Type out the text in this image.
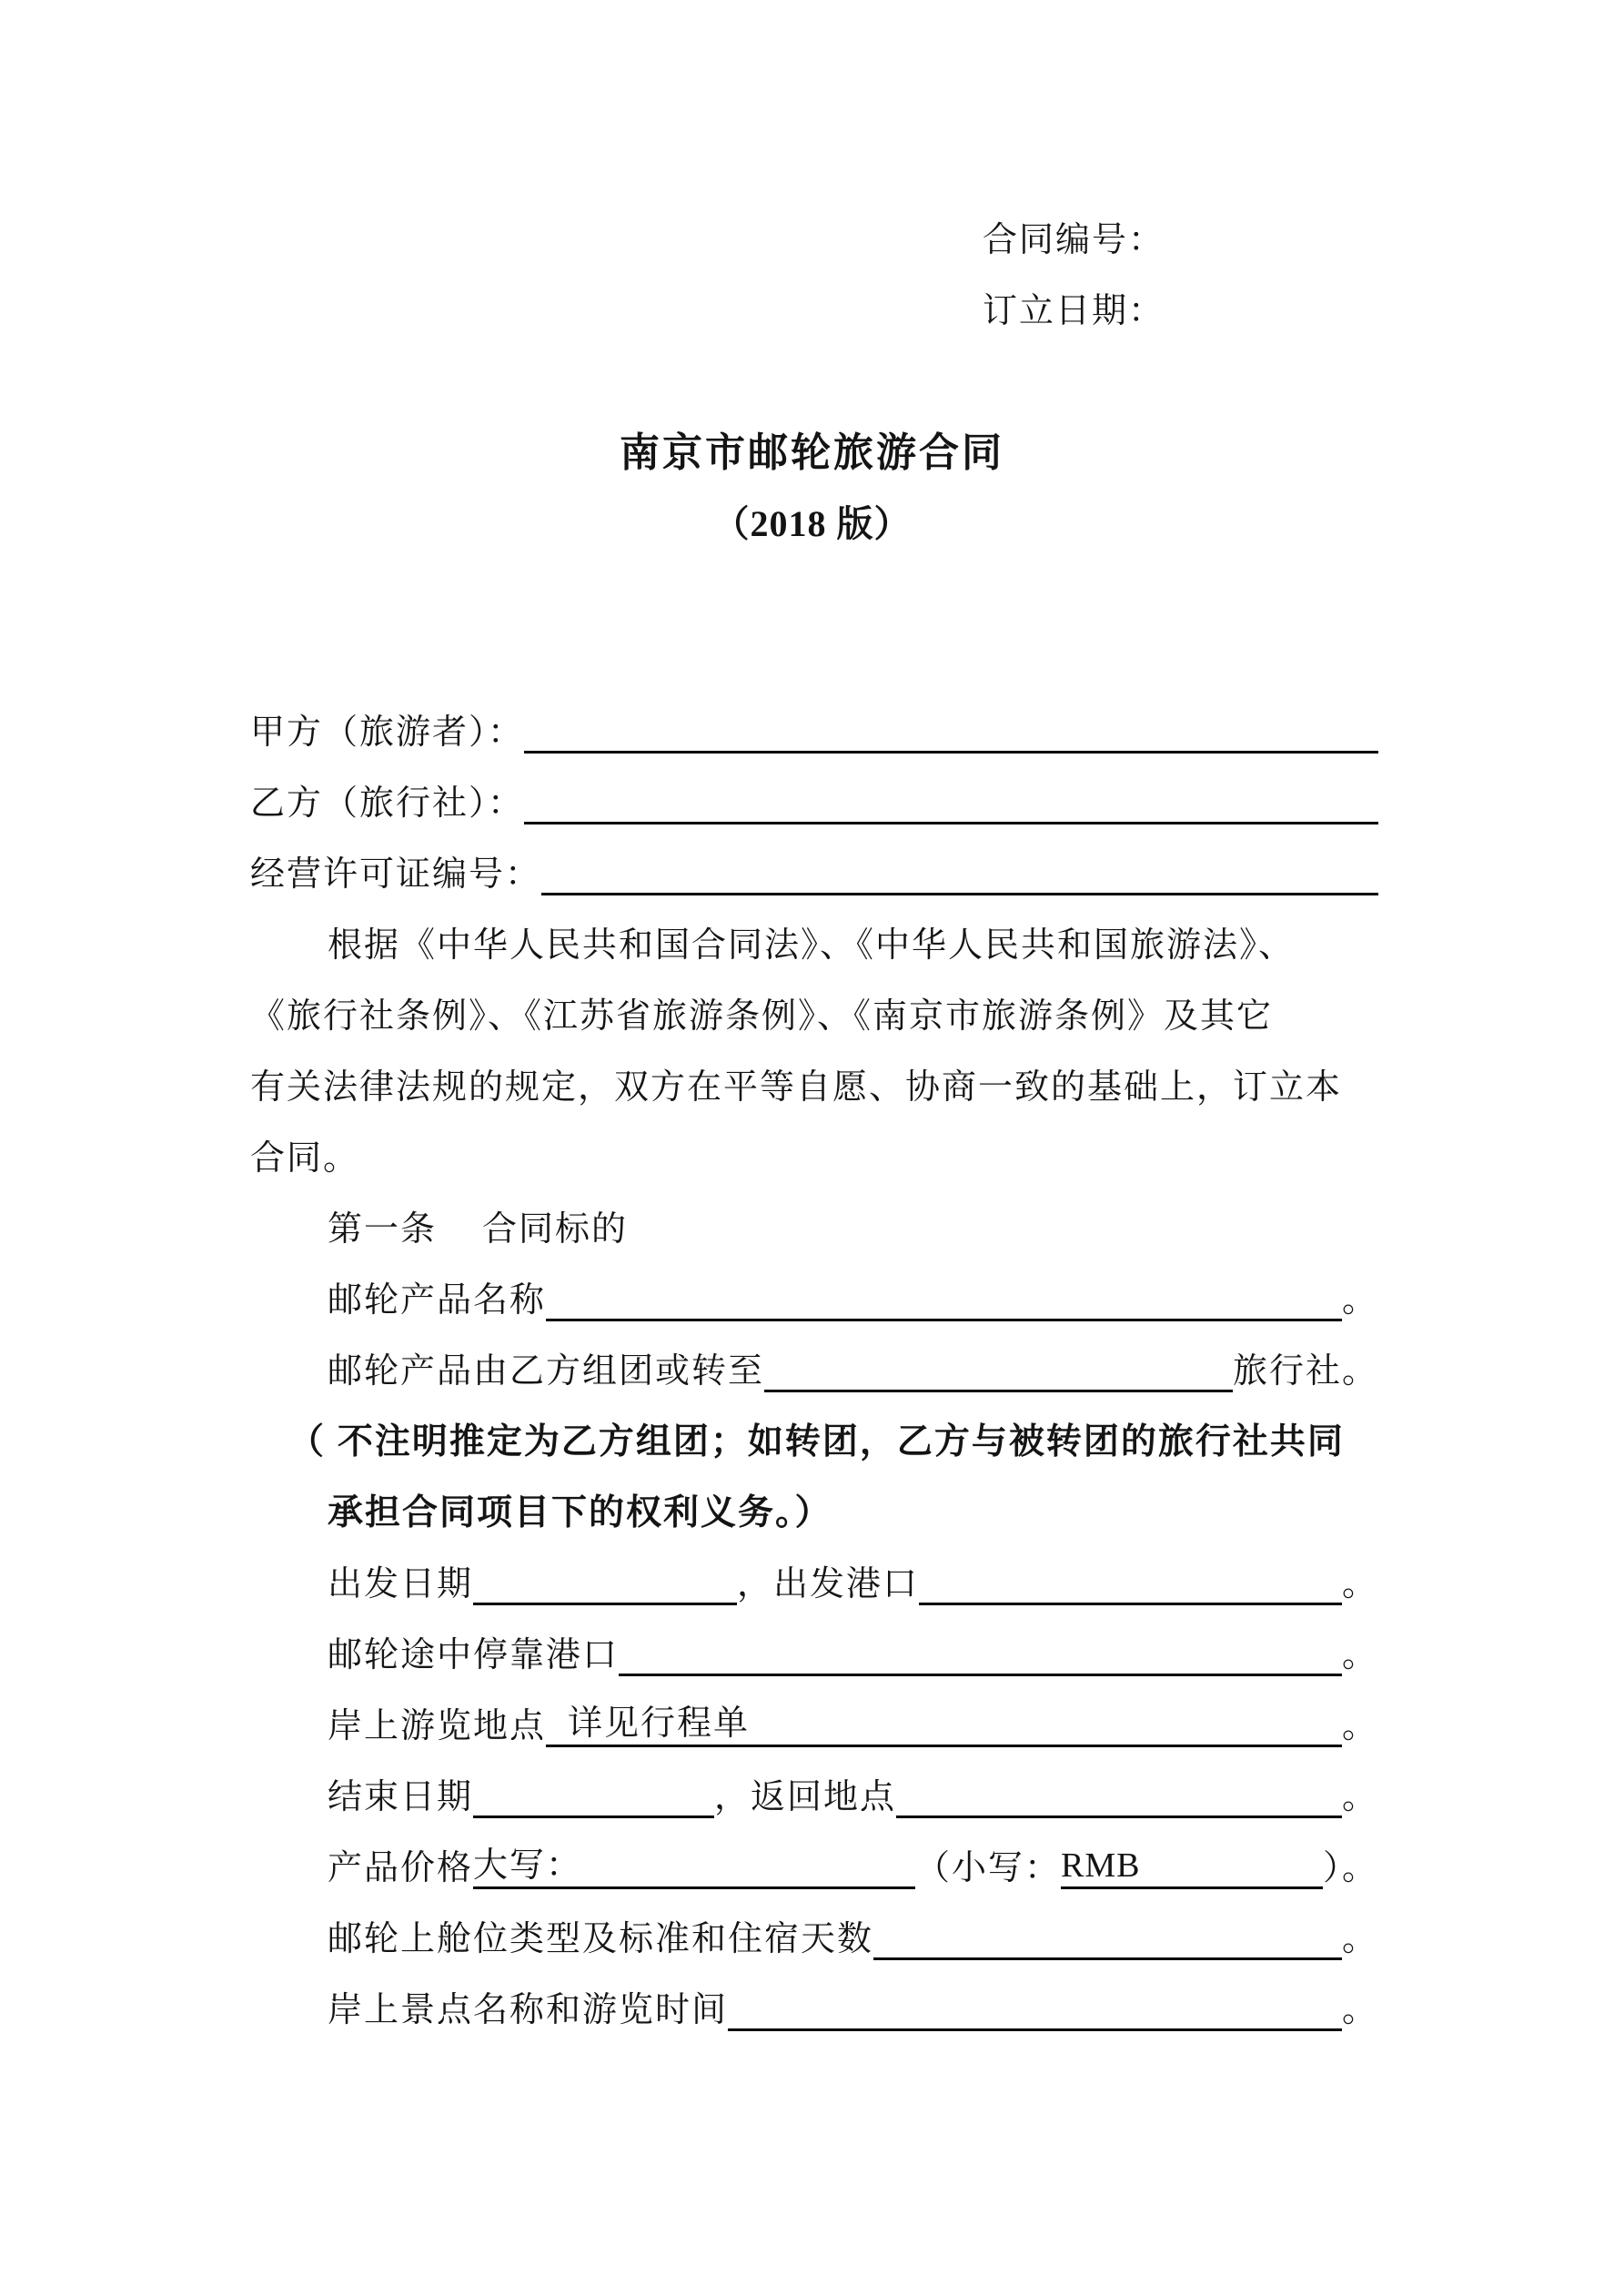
合同编号：
订立日期：
南京市邮轮旅游合同
（2018 版）
甲方（旅游者）：
乙方（旅行社）：
经营许可证编号：
根据《中华人民共和国合同法》、《中华人民共和国旅游法》、
《旅行社条例》、《江苏省旅游条例》、《南京市旅游条例》及其它
有关法律法规的规定，双方在平等自愿、协商一致的基础上，订立本
合同。
第一条 合同标的
邮轮产品名称	。
邮轮产品由乙方组团或转至	旅行社。
（ 不注明推定为乙方组团；如转团，乙方与被转团的旅行社共同
承担合同项目下的权利义务。）
出发日期	，出发港口	。
邮轮途中停靠港口	。
岸上游览地点 详见行程单	。
结束日期	，返回地点	。
产品价格 大写：	（小写： RMB	）。
邮轮上舱位类型及标准和住宿天数	。
岸上景点名称和游览时间	。
